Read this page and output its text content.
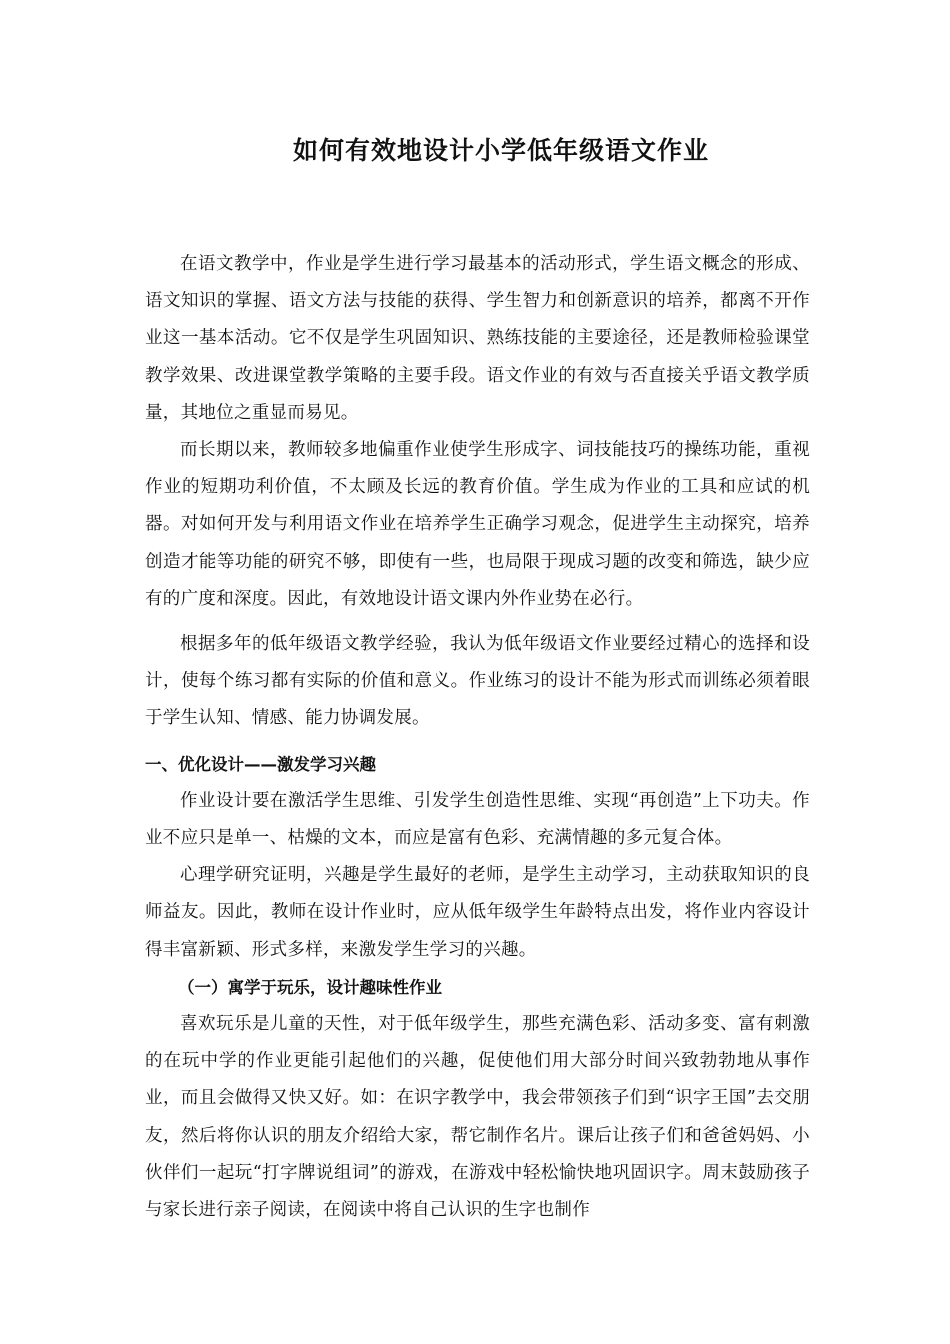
如何有效地设计小学低年级语文作业

在语文教学中，作业是学生进行学习最基本的活动形式，学生语文概念的形成、语文知识的掌握、语文方法与技能的获得、学生智力和创新意识的培养，都离不开作业这一基本活动。它不仅是学生巩固知识、熟练技能的主要途径，还是教师检验课堂教学效果、改进课堂教学策略的主要手段。语文作业的有效与否直接关乎语文教学质量，其地位之重显而易见。

而长期以来，教师较多地偏重作业使学生形成字、词技能技巧的操练功能，重视作业的短期功利价值，不太顾及长远的教育价值。学生成为作业的工具和应试的机器。对如何开发与利用语文作业在培养学生正确学习观念，促进学生主动探究，培养创造才能等功能的研究不够，即使有一些，也局限于现成习题的改变和筛选，缺少应有的广度和深度。因此，有效地设计语文课内外作业势在必行。

根据多年的低年级语文教学经验，我认为低年级语文作业要经过精心的选择和设计，使每个练习都有实际的价值和意义。作业练习的设计不能为形式而训练必须着眼于学生认知、情感、能力协调发展。

一、优化设计——激发学习兴趣

作业设计要在激活学生思维、引发学生创造性思维、实现“再创造”上下功夫。作业不应只是单一、枯燥的文本，而应是富有色彩、充满情趣的多元复合体。

心理学研究证明，兴趣是学生最好的老师，是学生主动学习，主动获取知识的良师益友。因此，教师在设计作业时，应从低年级学生年龄特点出发，将作业内容设计得丰富新颖、形式多样，来激发学生学习的兴趣。

（一）寓学于玩乐，设计趣味性作业

喜欢玩乐是儿童的天性，对于低年级学生，那些充满色彩、活动多变、富有刺激的在玩中学的作业更能引起他们的兴趣，促使他们用大部分时间兴致勃勃地从事作业，而且会做得又快又好。如：在识字教学中，我会带领孩子们到“识字王国”去交朋友，然后将你认识的朋友介绍给大家，帮它制作名片。课后让孩子们和爸爸妈妈、小伙伴们一起玩“打字牌说组词”的游戏，在游戏中轻松愉快地巩固识字。周末鼓励孩子与家长进行亲子阅读，在阅读中将自己认识的生字也制作
